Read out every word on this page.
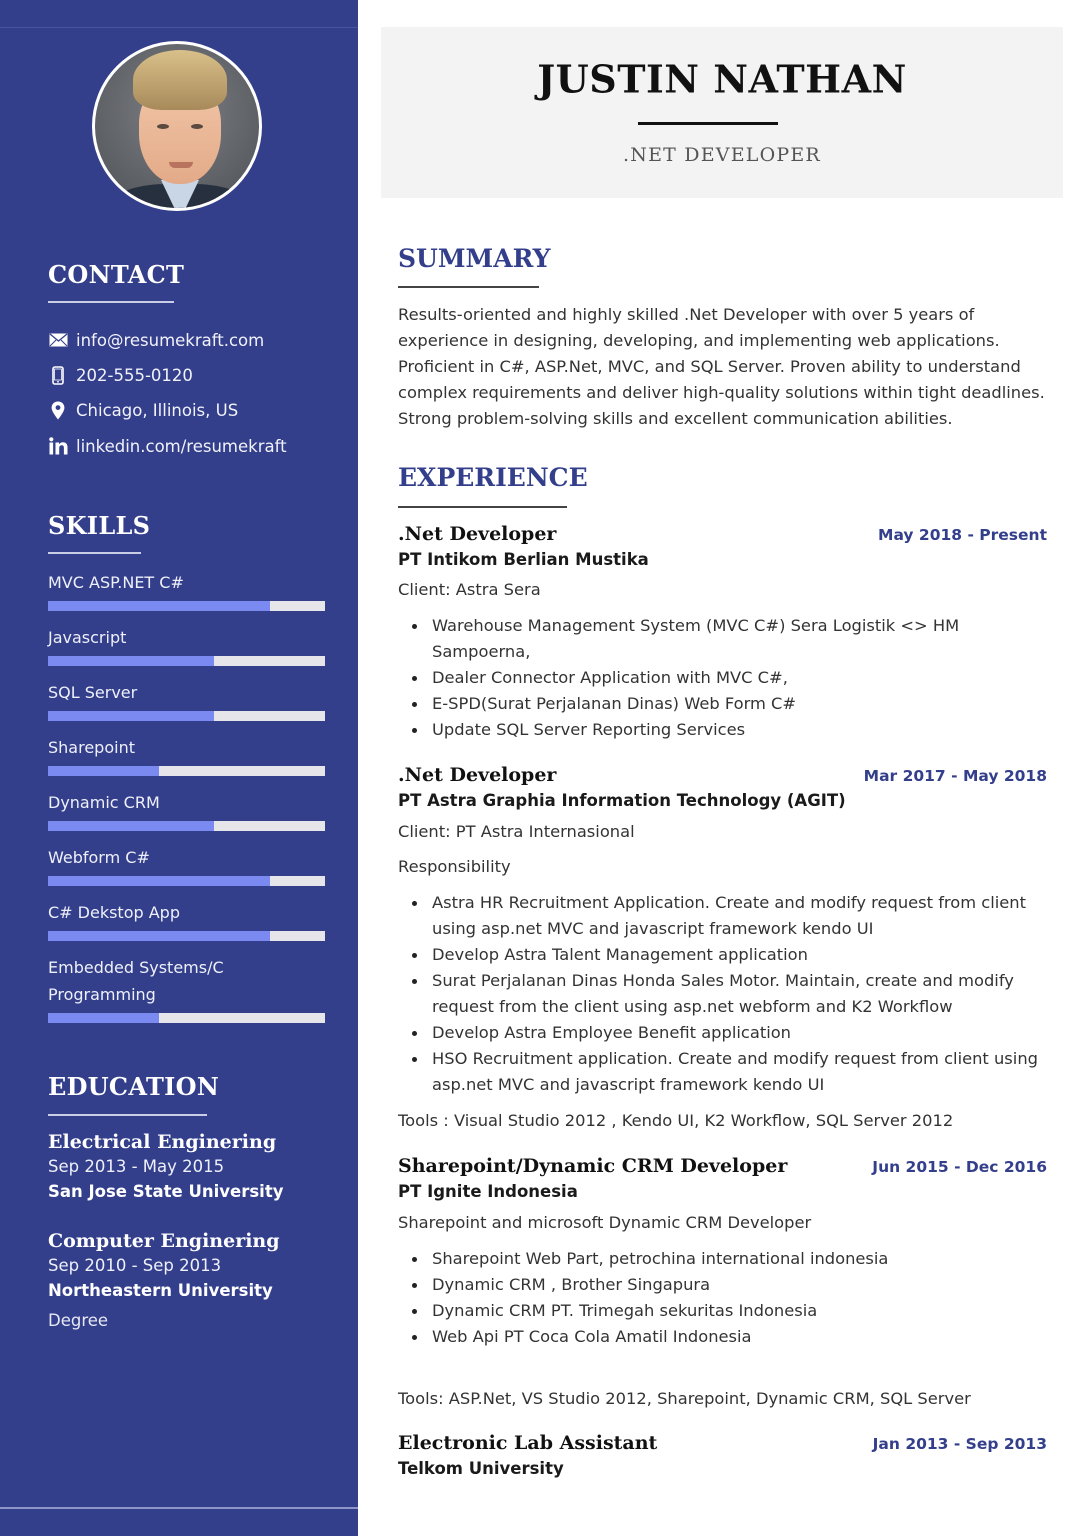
CONTACT
info@resumekraft.com
202-555-0120
Chicago, Illinois, US
linkedin.com/resumekraft
SKILLS
MVC ASP.NET C#
Javascript
SQL Server
Sharepoint
Dynamic CRM
Webform C#
C# Dekstop App
Embedded Systems/C Programming
EDUCATION
Electrical Enginering
Sep 2013 - May 2015
San Jose State University
Computer Enginering
Sep 2010 - Sep 2013
Northeastern University
Degree
JUSTIN NATHAN
.NET DEVELOPER
SUMMARY

Results-oriented and highly skilled .Net Developer with over 5 years of experience in designing, developing, and implementing web applications. Proficient in C#, ASP.Net, MVC, and SQL Server. Proven ability to understand complex requirements and deliver high-quality solutions within tight deadlines. Strong problem-solving skills and excellent communication abilities.

EXPERIENCE
.Net Developer	May 2018 - Present
PT Intikom Berlian Mustika
Client: Astra Sera
Warehouse Management System (MVC C#) Sera Logistik <> HM Sampoerna,
Dealer Connector Application with MVC C#,
E-SPD(Surat Perjalanan Dinas) Web Form C#
Update SQL Server Reporting Services
.Net Developer	Mar 2017 - May 2018
PT Astra Graphia Information Technology (AGIT)
Client: PT Astra Internasional
Responsibility
Astra HR Recruitment Application. Create and modify request from client using asp.net MVC and javascript framework kendo UI
Develop Astra Talent Management application
Surat Perjalanan Dinas Honda Sales Motor. Maintain, create and modify request from the client using asp.net webform and K2 Workflow
Develop Astra Employee Benefit application
HSO Recruitment application. Create and modify request from client using asp.net MVC and javascript framework kendo UI
Tools : Visual Studio 2012 , Kendo UI, K2 Workflow, SQL Server 2012
Sharepoint/Dynamic CRM Developer	Jun 2015 - Dec 2016
PT Ignite Indonesia
Sharepoint and microsoft Dynamic CRM Developer
Sharepoint Web Part, petrochina international indonesia
Dynamic CRM , Brother Singapura
Dynamic CRM PT. Trimegah sekuritas Indonesia
Web Api PT Coca Cola Amatil Indonesia
Tools: ASP.Net, VS Studio 2012, Sharepoint, Dynamic CRM, SQL Server
Electronic Lab Assistant	Jan 2013 - Sep 2013
Telkom University
